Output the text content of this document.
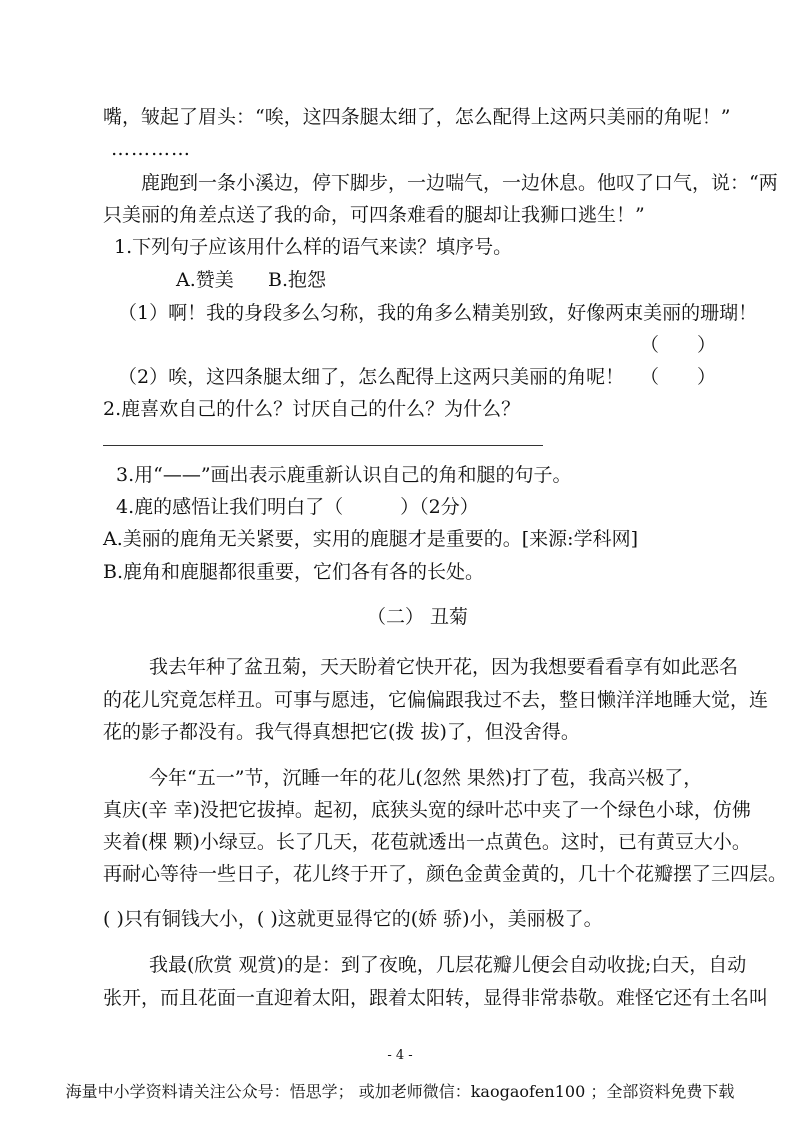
嘴，皱起了眉头：“唉，这四条腿太细了，怎么配得上这两只美丽的角呢！”
…………
鹿跑到一条小溪边，停下脚步，一边喘气，一边休息。他叹了口气，说：“两
只美丽的角差点送了我的命，可四条难看的腿却让我狮口逃生！”
1.下列句子应该用什么样的语气来读？填序号。
A.赞美 B.抱怨
（1）啊！我的身段多么匀称，我的角多么精美别致，好像两束美丽的珊瑚！
（　　）
（2）唉，这四条腿太细了，怎么配得上这两只美丽的角呢！ （　　）
2.鹿喜欢自己的什么？讨厌自己的什么？为什么？
3.用“——”画出表示鹿重新认识自己的角和腿的句子。
4.鹿的感悟让我们明白了（　　　）（2分）
A.美丽的鹿角无关紧要，实用的鹿腿才是重要的。[来源:学科网]
B.鹿角和鹿腿都很重要，它们各有各的长处。
（二） 丑菊
我去年种了盆丑菊，天天盼着它快开花，因为我想要看看享有如此恶名
的花儿究竟怎样丑。可事与愿违，它偏偏跟我过不去，整日懒洋洋地睡大觉，连
花的影子都没有。我气得真想把它(拨 拔)了，但没舍得。
今年“五一”节，沉睡一年的花儿(忽然 果然)打了苞，我高兴极了，
真庆(辛 幸)没把它拔掉。起初，底狭头宽的绿叶芯中夹了一个绿色小球，仿佛
夹着(棵 颗)小绿豆。长了几天，花苞就透出一点黄色。这时，已有黄豆大小。
再耐心等待一些日子，花儿终于开了，颜色金黄金黄的，几十个花瓣摆了三四层。
( )只有铜钱大小，( )这就更显得它的(娇 骄)小，美丽极了。
我最(欣赏 观赏)的是：到了夜晚，几层花瓣儿便会自动收拢;白天，自动
张开，而且花面一直迎着太阳，跟着太阳转，显得非常恭敬。难怪它还有土名叫
- 4 -
海量中小学资料请关注公众号：悟思学； 或加老师微信：kaogaofen100 ；全部资料免费下载
